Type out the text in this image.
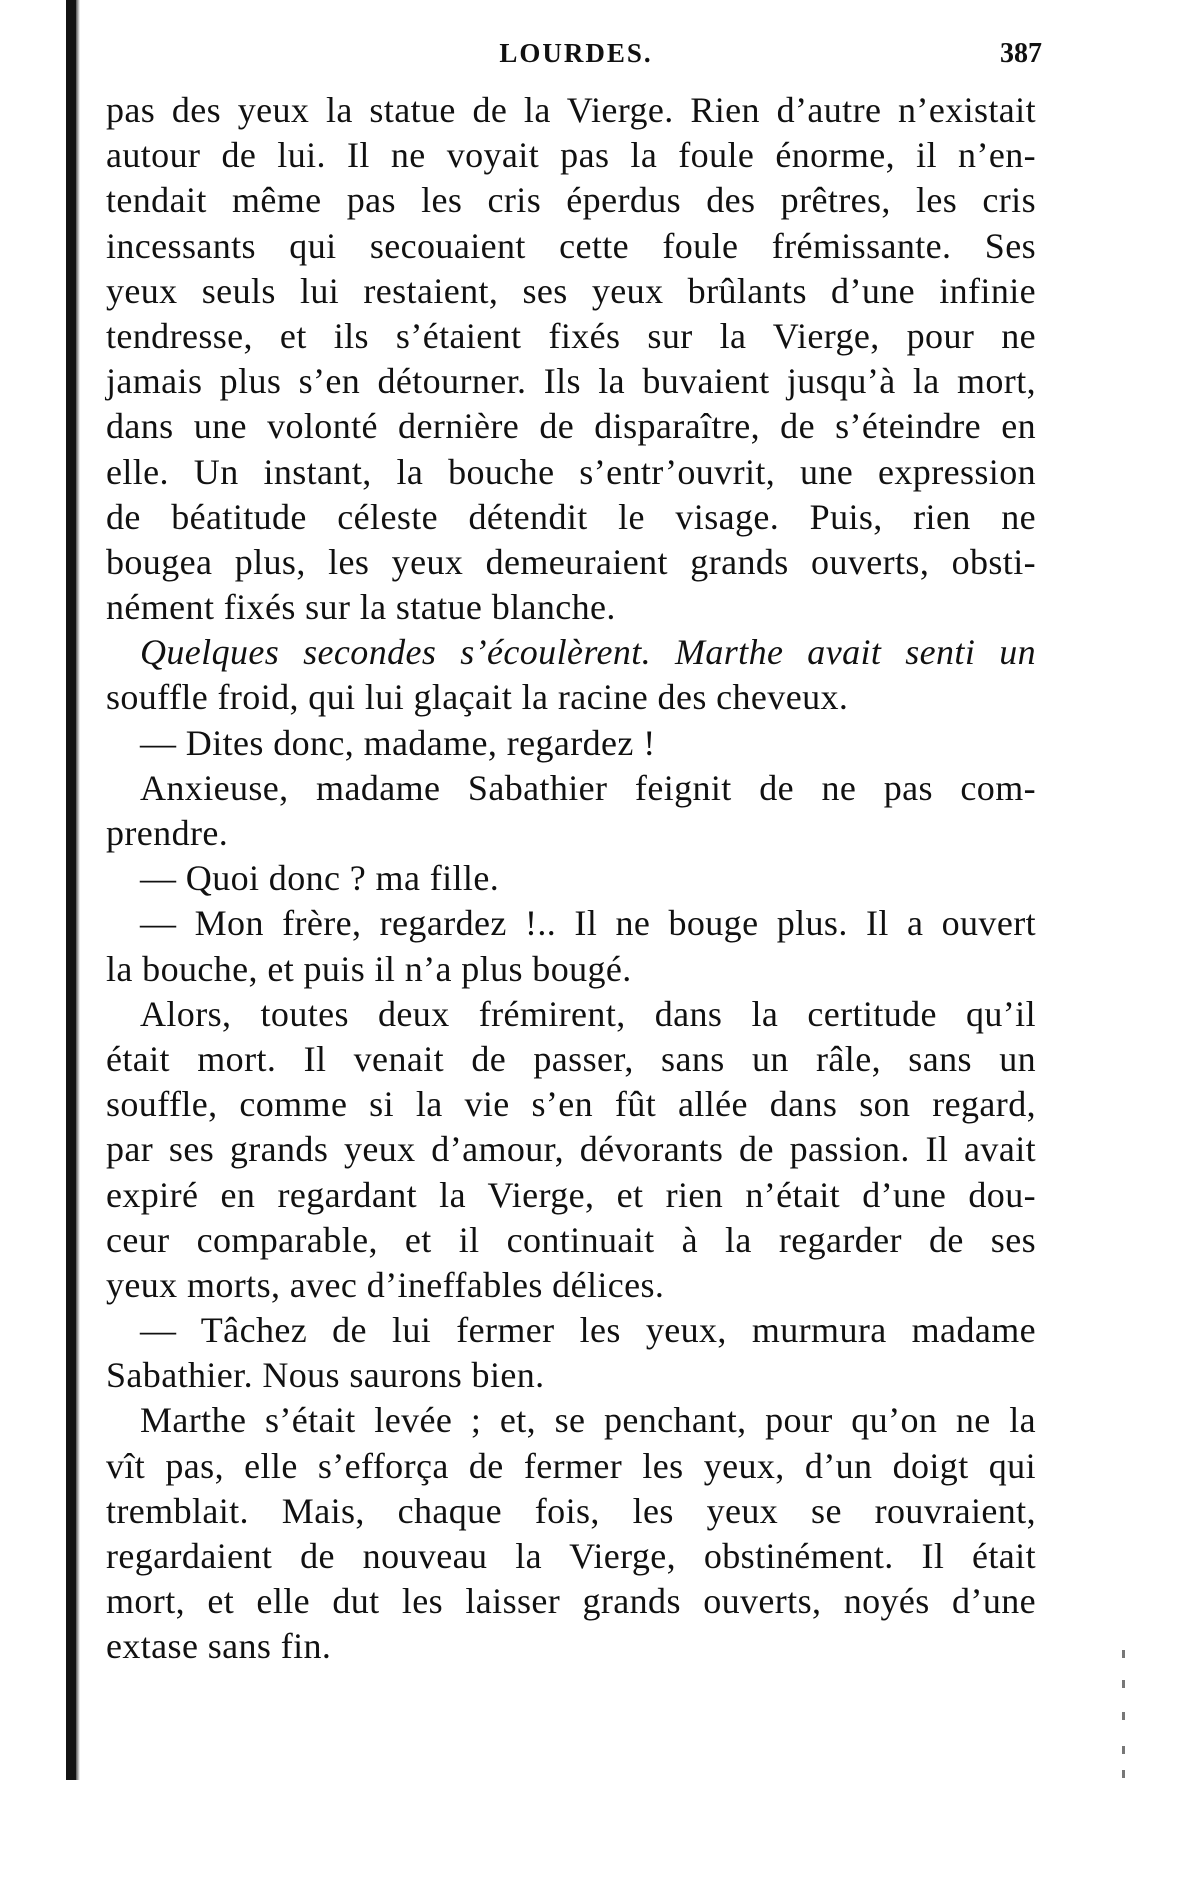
LOURDES.	387
pas des yeux la statue de la Vierge. Rien d’autre n’existait
autour de lui. Il ne voyait pas la foule énorme, il n’en-
tendait même pas les cris éperdus des prêtres, les cris
incessants qui secouaient cette foule frémissante. Ses
yeux seuls lui restaient, ses yeux brûlants d’une infinie
tendresse, et ils s’étaient fixés sur la Vierge, pour ne
jamais plus s’en détourner. Ils la buvaient jusqu’à la mort,
dans une volonté dernière de disparaître, de s’éteindre en
elle. Un instant, la bouche s’entr’ouvrit, une expression
de béatitude céleste détendit le visage. Puis, rien ne
bougea plus, les yeux demeuraient grands ouverts, obsti-
nément fixés sur la statue blanche.
Quelques secondes s’écoulèrent. Marthe avait senti un
souffle froid, qui lui glaçait la racine des cheveux.
— Dites donc, madame, regardez !
Anxieuse, madame Sabathier feignit de ne pas com-
prendre.
— Quoi donc ? ma fille.
— Mon frère, regardez !.. Il ne bouge plus. Il a ouvert
la bouche, et puis il n’a plus bougé.
Alors, toutes deux frémirent, dans la certitude qu’il
était mort. Il venait de passer, sans un râle, sans un
souffle, comme si la vie s’en fût allée dans son regard,
par ses grands yeux d’amour, dévorants de passion. Il avait
expiré en regardant la Vierge, et rien n’était d’une dou-
ceur comparable, et il continuait à la regarder de ses
yeux morts, avec d’ineffables délices.
— Tâchez de lui fermer les yeux, murmura madame
Sabathier. Nous saurons bien.
Marthe s’était levée ; et, se penchant, pour qu’on ne la
vît pas, elle s’efforça de fermer les yeux, d’un doigt qui
tremblait. Mais, chaque fois, les yeux se rouvraient,
regardaient de nouveau la Vierge, obstinément. Il était
mort, et elle dut les laisser grands ouverts, noyés d’une
extase sans fin.
